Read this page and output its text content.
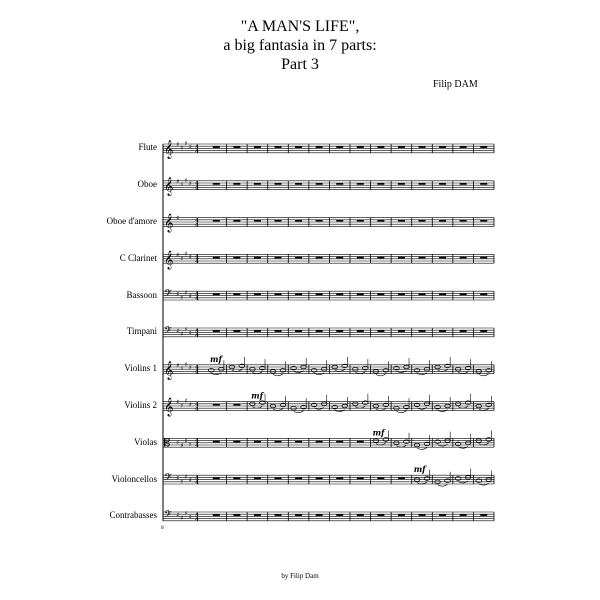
"A MAN'S LIFE",
a big fantasia in 7 parts:
Part 3
Filip DAM
𝄞 ♯ ♯
♯ ♯ 4
4
𝄞 ♯ ♯
♯ ♯ 4
4
𝄞 ♯	4
4
𝄞 ♯ ♯
♯ ♯ 4
4
𝄢 ♯ ♯
♯ ♯ 4
4
𝄢 ♯ ♯
♯ ♯ 4
4
𝄞 ♯ ♯
♯ ♯ 4
4
mf
𝄞 ♯ ♯
♯ ♯ 4
4
mf
𝄡 ♯ ♯
♯ ♯ 4
4
mf
𝄢 ♯ ♯
♯ ♯ 4
4
mf
𝄢 ♯ ♯
♯ ♯ 4
4
8
Flute
Oboe
Oboe d'amore
C Clarinet
Bassoon
Timpani
Violins 1
Violins 2
Violas
Violoncellos
Contrabasses
by Filip Dam
